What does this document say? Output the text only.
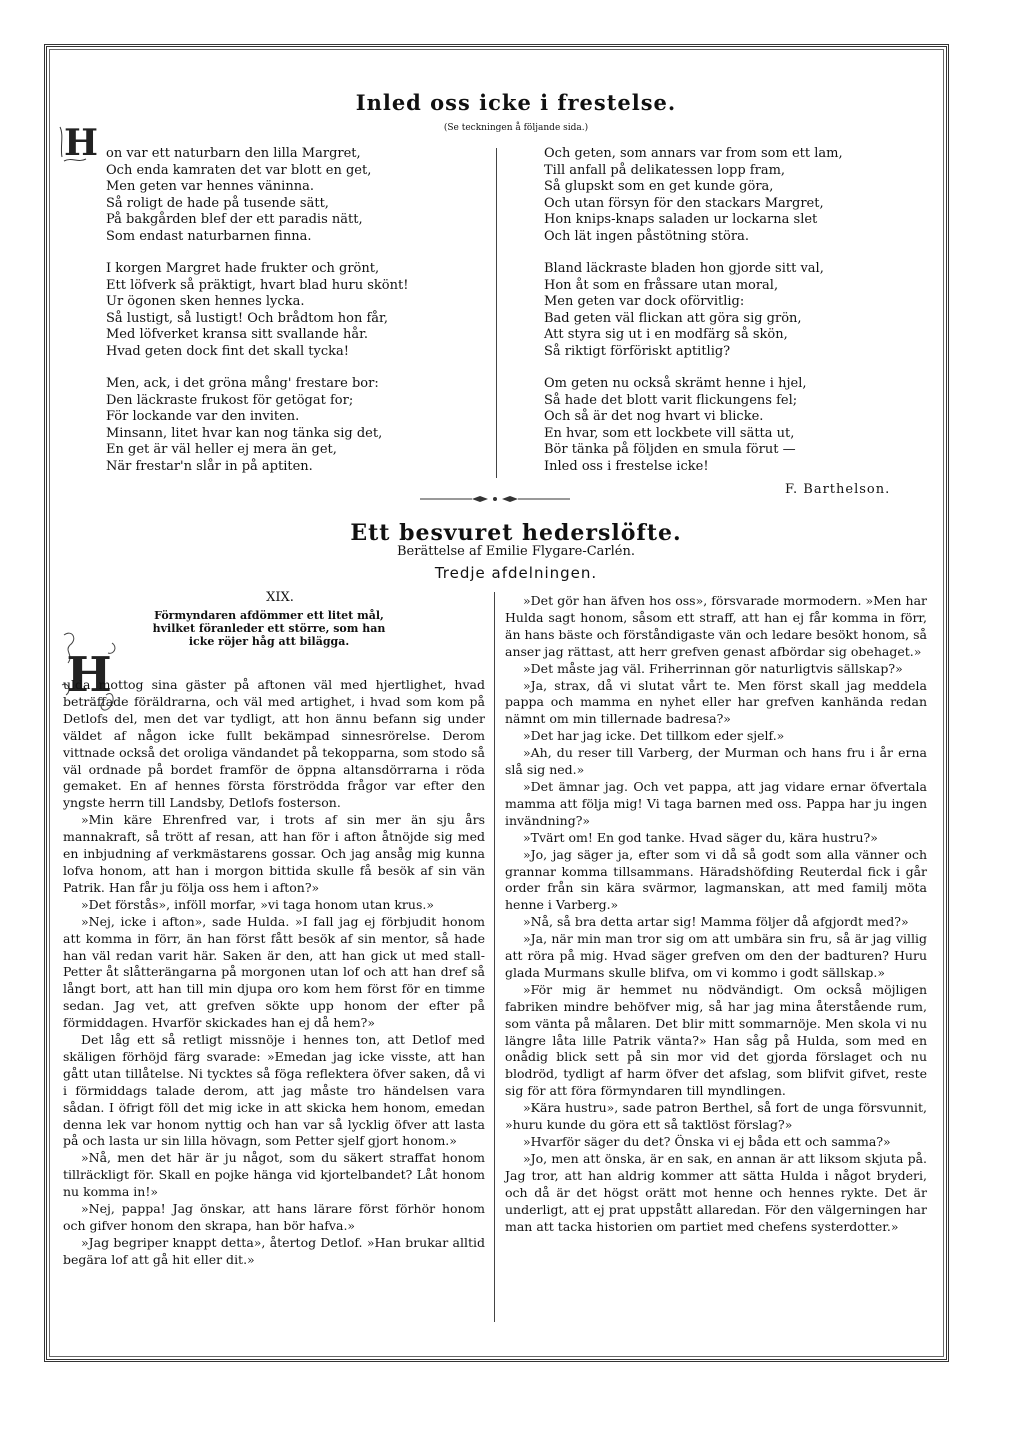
Inled oss icke i frestelse.
(Se teckningen å följande sida.)
H on var ett naturbarn den lilla Margret,
Och enda kamraten det var blott en get,
Men geten var hennes väninna.
Så roligt de hade på tusende sätt,
På bakgården blef der ett paradis nätt,
Som endast naturbarnen finna.
I korgen Margret hade frukter och grönt,
Ett löfverk så präktigt, hvart blad huru skönt!
Ur ögonen sken hennes lycka.
Så lustigt, så lustigt! Och brådtom hon får,
Med löfverket kransa sitt svallande hår.
Hvad geten dock fint det skall tycka!
Men, ack, i det gröna mång' frestare bor:
Den läckraste frukost för getögat for;
För lockande var den inviten.
Minsann, litet hvar kan nog tänka sig det,
En get är väl heller ej mera än get,
När frestar'n slår in på aptiten.
Och geten, som annars var from som ett lam,
Till anfall på delikatessen lopp fram,
Så glupskt som en get kunde göra,
Och utan försyn för den stackars Margret,
Hon knips-knaps saladen ur lockarna slet
Och lät ingen påstötning störa.
Bland läckraste bladen hon gjorde sitt val,
Hon åt som en fråssare utan moral,
Men geten var dock oförvitlig:
Bad geten väl flickan att göra sig grön,
Att styra sig ut i en modfärg så skön,
Så riktigt förföriskt aptitlig?
Om geten nu också skrämt henne i hjel,
Så hade det blott varit flickungens fel;
Och så är det nog hvart vi blicke.
En hvar, som ett lockbete vill sätta ut,
Bör tänka på följden en smula förut —
Inled oss i frestelse icke!
F. Barthelson.
Ett besvuret hederslöfte.
Berättelse af Emilie Flygare-Carlén.
Tredje afdelningen.
XIX.
Förmyndaren afdömmer ett litet mål, hvilket föranleder ett större, som han icke röjer håg att bilägga.
H

ulda mottog sina gäster på aftonen väl med hjertlighet, hvad beträffade föräldrarna, och väl med artighet, i hvad som kom på Detlofs del, men det var tydligt, att hon ännu befann sig under väldet af någon icke fullt bekämpad sinnesrörelse. Derom vittnade också det oroliga vändandet på tekopparna, som stodo så väl ordnade på bordet framför de öppna altansdörrarna i röda gemaket. En af hennes första förströdda frågor var efter den yngste herrn till Landsby, Detlofs fosterson.

»Min käre Ehrenfred var, i trots af sin mer än sju års mannakraft, så trött af resan, att han för i afton åtnöjde sig med en inbjudning af verkmästarens gossar. Och jag ansåg mig kunna lofva honom, att han i morgon bittida skulle få besök af sin vän Patrik. Han får ju följa oss hem i afton?»

»Det förstås», inföll morfar, »vi taga honom utan krus.»

»Nej, icke i afton», sade Hulda. »I fall jag ej förbjudit honom att komma in förr, än han först fått besök af sin mentor, så hade han väl redan varit här. Saken är den, att han gick ut med stall-Petter åt slåtterängarna på morgonen utan lof och att han dref så långt bort, att han till min djupa oro kom hem först för en timme sedan. Jag vet, att grefven sökte upp honom der efter på förmiddagen. Hvarför skickades han ej då hem?»

Det låg ett så retligt missnöje i hennes ton, att Detlof med skäligen förhöjd färg svarade: »Emedan jag icke visste, att han gått utan tillåtelse. Ni tycktes så föga reflektera öfver saken, då vi i förmiddags talade derom, att jag måste tro händelsen vara sådan. I öfrigt föll det mig icke in att skicka hem honom, emedan denna lek var honom nyttig och han var så lycklig öfver att lasta på och lasta ur sin lilla hövagn, som Petter sjelf gjort honom.»

»Nå, men det här är ju något, som du säkert straffat honom tillräckligt för. Skall en pojke hänga vid kjortelbandet? Låt honom nu komma in!»

»Nej, pappa! Jag önskar, att hans lärare först förhör honom och gifver honom den skrapa, han bör hafva.»

»Jag begriper knappt detta», återtog Detlof. »Han brukar alltid begära lof att gå hit eller dit.»

»Det gör han äfven hos oss», försvarade mormodern. »Men har Hulda sagt honom, såsom ett straff, att han ej får komma in förr, än hans bäste och förståndigaste vän och ledare besökt honom, så anser jag rättast, att herr grefven genast afbördar sig obehaget.»

»Det måste jag väl. Friherrinnan gör naturligtvis sällskap?»

»Ja, strax, då vi slutat vårt te. Men först skall jag meddela pappa och mamma en nyhet eller har grefven kanhända redan nämnt om min tillernade badresa?»

»Det har jag icke. Det tillkom eder sjelf.»

»Ah, du reser till Varberg, der Murman och hans fru i år erna slå sig ned.»

»Det ämnar jag. Och vet pappa, att jag vidare ernar öfvertala mamma att följa mig! Vi taga barnen med oss. Pappa har ju ingen invändning?»

»Tvärt om! En god tanke. Hvad säger du, kära hustru?»

»Jo, jag säger ja, efter som vi då så godt som alla vänner och grannar komma tillsammans. Häradshöfding Reuterdal fick i går order från sin kära svärmor, lagmanskan, att med familj möta henne i Varberg.»

»Nå, så bra detta artar sig! Mamma följer då afgjordt med?»

»Ja, när min man tror sig om att umbära sin fru, så är jag villig att röra på mig. Hvad säger grefven om den der badturen? Huru glada Murmans skulle blifva, om vi kommo i godt sällskap.»

»För mig är hemmet nu nödvändigt. Om också möjligen fabriken mindre behöfver mig, så har jag mina återstående rum, som vänta på målaren. Det blir mitt sommarnöje. Men skola vi nu längre låta lille Patrik vänta?» Han såg på Hulda, som med en onådig blick sett på sin mor vid det gjorda förslaget och nu blodröd, tydligt af harm öfver det afslag, som blifvit gifvet, reste sig för att föra förmyndaren till myndlingen.

»Kära hustru», sade patron Berthel, så fort de unga försvunnit, »huru kunde du göra ett så taktlöst förslag?»

»Hvarför säger du det? Önska vi ej båda ett och samma?»

»Jo, men att önska, är en sak, en annan är att liksom skjuta på. Jag tror, att han aldrig kommer att sätta Hulda i något bryderi, och då är det högst orätt mot henne och hennes rykte. Det är underligt, att ej prat uppstått allaredan. För den välgerningen har man att tacka historien om partiet med chefens systerdotter.»
